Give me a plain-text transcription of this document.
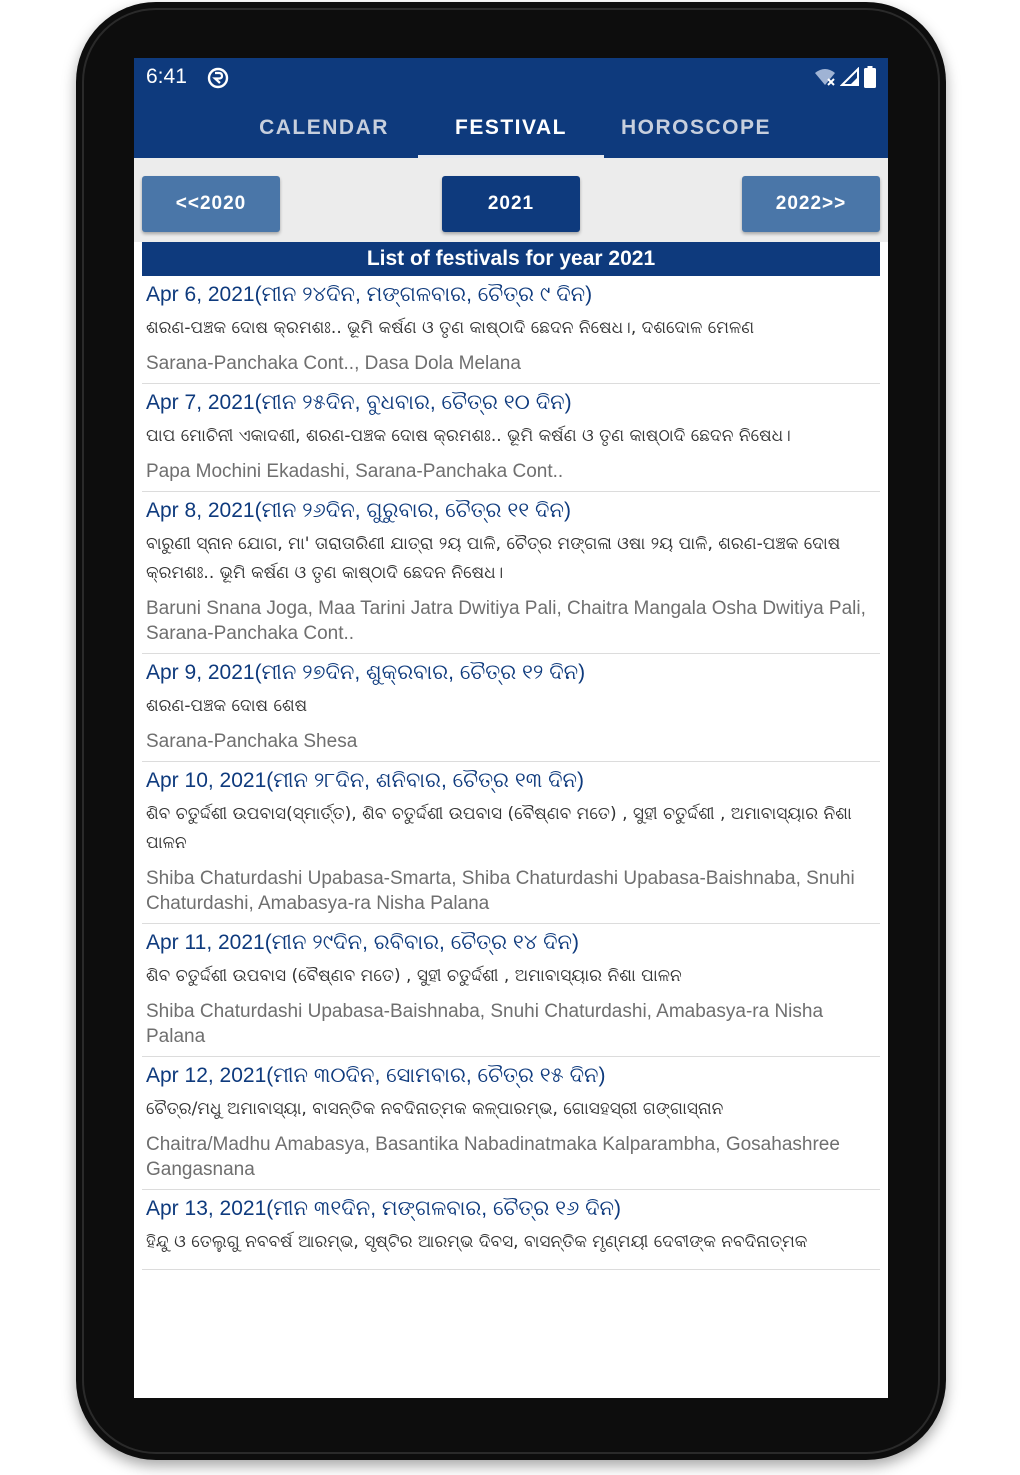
6:41
CALENDAR	FESTIVAL	HOROSCOPE
<<2020	2021	2022>>
List of festivals for year 2021
Apr 6, 2021(ମୀନ ୨୪ଦିନ, ମଙ୍ଗଳବାର, ଚୈତ୍ର ୯ ଦିନ)
ଶରଣ-ପଞ୍ଚକ ଦୋଷ କ୍ରମଶଃ.. ଭୂମି କର୍ଷଣ ଓ ତୃଣ କାଷ୍ଠାଦି ଛେଦନ ନିଷେଧ।, ଦଶଦୋଳ ମେଳଣ
Sarana-Panchaka Cont.., Dasa Dola Melana
Apr 7, 2021(ମୀନ ୨୫ଦିନ, ବୁଧବାର, ଚୈତ୍ର ୧୦ ଦିନ)
ପାପ ମୋଚିନୀ ଏକାଦଶୀ, ଶରଣ-ପଞ୍ଚକ ଦୋଷ କ୍ରମଶଃ.. ଭୂମି କର୍ଷଣ ଓ ତୃଣ କାଷ୍ଠାଦି ଛେଦନ ନିଷେଧ।
Papa Mochini Ekadashi, Sarana-Panchaka Cont..
Apr 8, 2021(ମୀନ ୨୬ଦିନ, ଗୁରୁବାର, ଚୈତ୍ର ୧୧ ଦିନ)
ବାରୁଣୀ ସ୍ନାନ ଯୋଗ, ମା' ତାରାତାରିଣୀ ଯାତ୍ରା ୨ୟ ପାଳି, ଚୈତ୍ର ମଙ୍ଗଳା ଓଷା ୨ୟ ପାଳି, ଶରଣ-ପଞ୍ଚକ ଦୋଷ କ୍ରମଶଃ.. ଭୂମି କର୍ଷଣ ଓ ତୃଣ କାଷ୍ଠାଦି ଛେଦନ ନିଷେଧ।
Baruni Snana Joga, Maa Tarini Jatra Dwitiya Pali, Chaitra Mangala Osha Dwitiya Pali, Sarana-Panchaka Cont..
Apr 9, 2021(ମୀନ ୨୭ଦିନ, ଶୁକ୍ରବାର, ଚୈତ୍ର ୧୨ ଦିନ)
ଶରଣ-ପଞ୍ଚକ ଦୋଷ ଶେଷ
Sarana-Panchaka Shesa
Apr 10, 2021(ମୀନ ୨୮ଦିନ, ଶନିବାର, ଚୈତ୍ର ୧୩ ଦିନ)
ଶିବ ଚତୁର୍ଦ୍ଦଶୀ ଉପବାସ(ସ୍ମାର୍ତ୍ତ), ଶିବ ଚତୁର୍ଦ୍ଦଶୀ ଉପବାସ (ବୈଷ୍ଣବ ମତେ) , ସୁହୀ ଚତୁର୍ଦ୍ଦଶୀ , ଅମାବାସ୍ୟାର ନିଶା ପାଳନ
Shiba Chaturdashi Upabasa-Smarta, Shiba Chaturdashi Upabasa-Baishnaba, Snuhi Chaturdashi, Amabasya-ra Nisha Palana
Apr 11, 2021(ମୀନ ୨୯ଦିନ, ରବିବାର, ଚୈତ୍ର ୧୪ ଦିନ)
ଶିବ ଚତୁର୍ଦ୍ଦଶୀ ଉପବାସ (ବୈଷ୍ଣବ ମତେ) , ସୁହୀ ଚତୁର୍ଦ୍ଦଶୀ , ଅମାବାସ୍ୟାର ନିଶା ପାଳନ
Shiba Chaturdashi Upabasa-Baishnaba, Snuhi Chaturdashi, Amabasya-ra Nisha Palana
Apr 12, 2021(ମୀନ ୩୦ଦିନ, ସୋମବାର, ଚୈତ୍ର ୧୫ ଦିନ)
ଚୈତ୍ର/ମଧୁ ଅମାବାସ୍ୟା, ବାସନ୍ତିକ ନବଦିନାତ୍ମକ କଳ୍ପାରମ୍ଭ, ଗୋସହସ୍ରୀ ଗଙ୍ଗାସ୍ନାନ
Chaitra/Madhu Amabasya, Basantika Nabadinatmaka Kalparambha, Gosahashree Gangasnana
Apr 13, 2021(ମୀନ ୩୧ଦିନ, ମଙ୍ଗଳବାର, ଚୈତ୍ର ୧୬ ଦିନ)
ହିନ୍ଦୁ ଓ ତେଲୁଗୁ ନବବର୍ଷ ଆରମ୍ଭ, ସୃଷ୍ଟିର ଆରମ୍ଭ ଦିବସ, ବାସନ୍ତିକ ମୃଣ୍ମୟୀ ଦେବୀଙ୍କ ନବଦିନାତ୍ମକ
